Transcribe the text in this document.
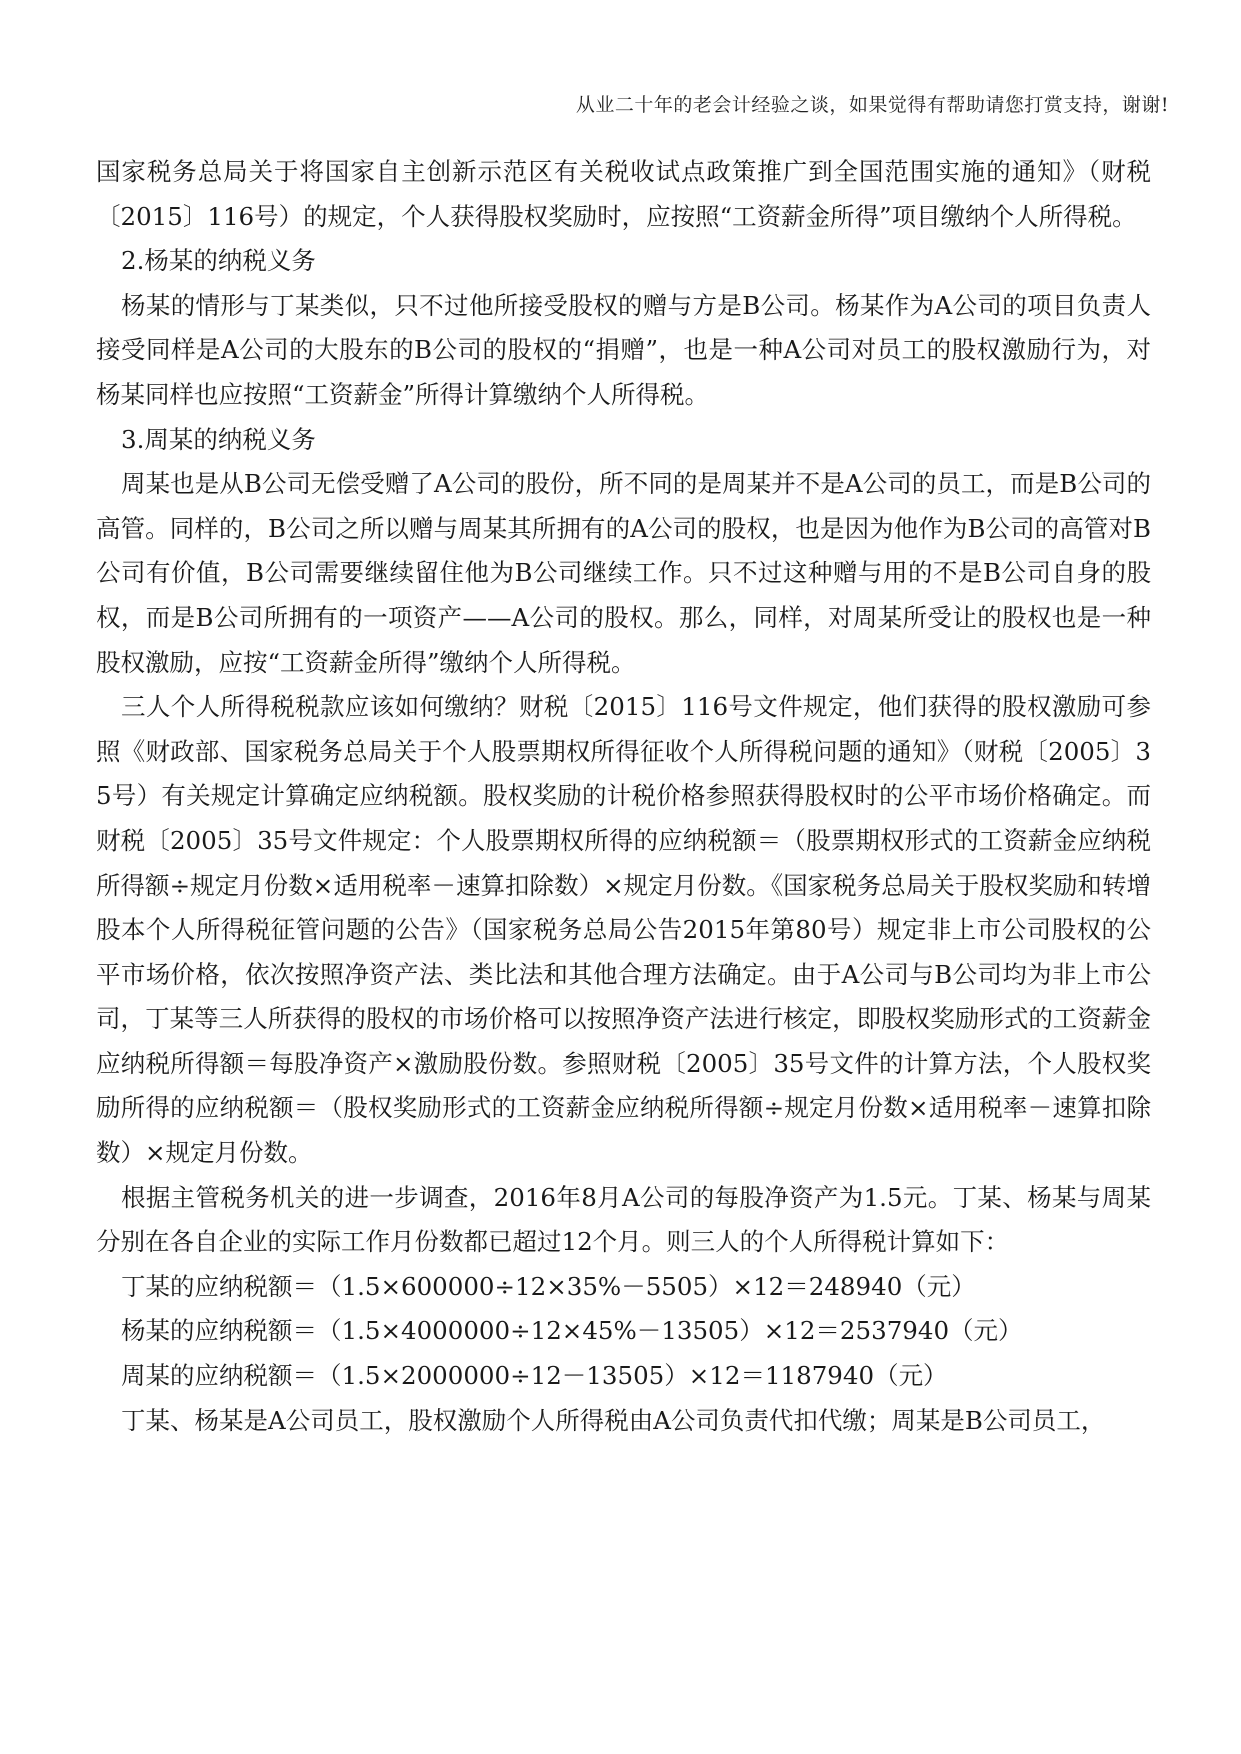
从业二十年的老会计经验之谈，如果觉得有帮助请您打赏支持，谢谢!

国家税务总局关于将国家自主创新示范区有关税收试点政策推广到全国范围实施的通知》（财税〔2015〕116号）的规定，个人获得股权奖励时，应按照“工资薪金所得”项目缴纳个人所得税。

2.杨某的纳税义务

杨某的情形与丁某类似，只不过他所接受股权的赠与方是B公司。杨某作为A公司的项目负责人接受同样是A公司的大股东的B公司的股权的“捐赠”，也是一种A公司对员工的股权激励行为，对杨某同样也应按照“工资薪金”所得计算缴纳个人所得税。

3.周某的纳税义务

周某也是从B公司无偿受赠了A公司的股份，所不同的是周某并不是A公司的员工，而是B公司的高管。同样的，B公司之所以赠与周某其所拥有的A公司的股权，也是因为他作为B公司的高管对B公司有价值，B公司需要继续留住他为B公司继续工作。只不过这种赠与用的不是B公司自身的股权，而是B公司所拥有的一项资产——A公司的股权。那么，同样，对周某所受让的股权也是一种股权激励，应按“工资薪金所得”缴纳个人所得税。

三人个人所得税税款应该如何缴纳？财税〔2015〕116号文件规定，他们获得的股权激励可参照《财政部、国家税务总局关于个人股票期权所得征收个人所得税问题的通知》（财税〔2005〕35号）有关规定计算确定应纳税额。股权奖励的计税价格参照获得股权时的公平市场价格确定。而财税〔2005〕35号文件规定：个人股票期权所得的应纳税额＝（股票期权形式的工资薪金应纳税所得额÷规定月份数×适用税率－速算扣除数）×规定月份数。《国家税务总局关于股权奖励和转增股本个人所得税征管问题的公告》（国家税务总局公告2015年第80号）规定非上市公司股权的公平市场价格，依次按照净资产法、类比法和其他合理方法确定。由于A公司与B公司均为非上市公司，丁某等三人所获得的股权的市场价格可以按照净资产法进行核定，即股权奖励形式的工资薪金应纳税所得额＝每股净资产×激励股份数。参照财税〔2005〕35号文件的计算方法，个人股权奖励所得的应纳税额＝（股权奖励形式的工资薪金应纳税所得额÷规定月份数×适用税率－速算扣除数）×规定月份数。

根据主管税务机关的进一步调查，2016年8月A公司的每股净资产为1.5元。丁某、杨某与周某分别在各自企业的实际工作月份数都已超过12个月。则三人的个人所得税计算如下：

丁某的应纳税额＝（1.5×600000÷12×35%－5505）×12＝248940（元）

杨某的应纳税额＝（1.5×4000000÷12×45%－13505）×12＝2537940（元）

周某的应纳税额＝（1.5×2000000÷12－13505）×12＝1187940（元）

丁某、杨某是A公司员工，股权激励个人所得税由A公司负责代扣代缴；周某是B公司员工，
